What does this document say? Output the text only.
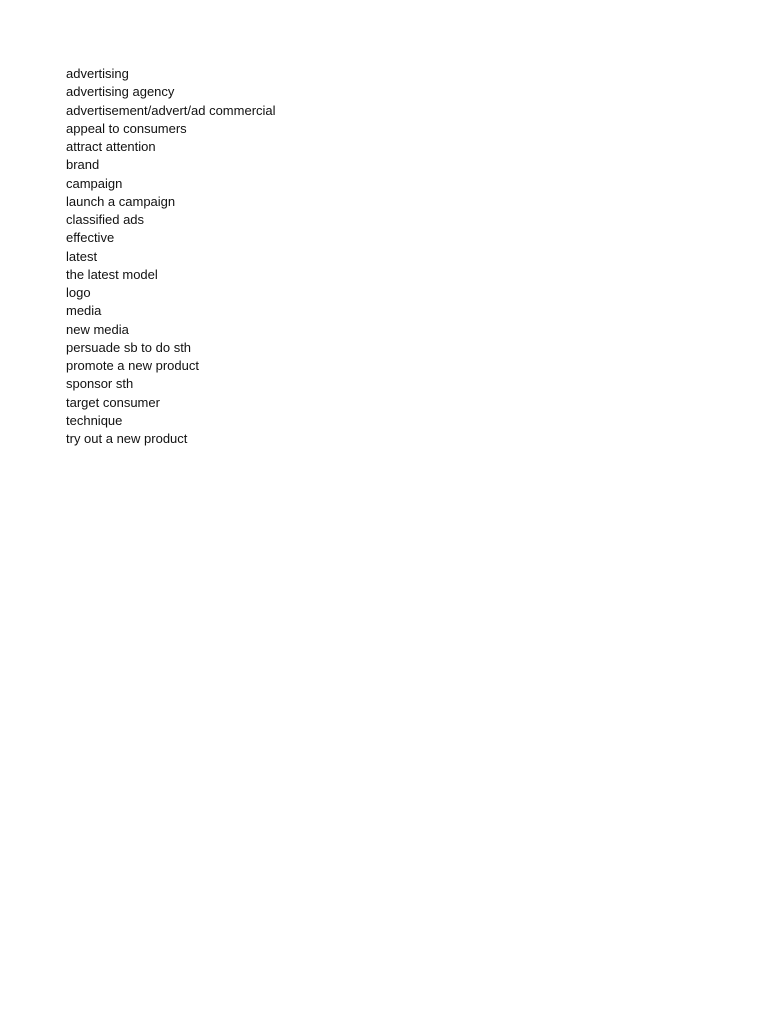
advertising
advertising agency
advertisement/advert/ad commercial
appeal to consumers
attract attention
brand
campaign
launch a campaign
classified ads
effective
latest
the latest model
logo
media
new media
persuade sb to do sth
promote a new product
sponsor sth
target consumer
technique
try out a new product
